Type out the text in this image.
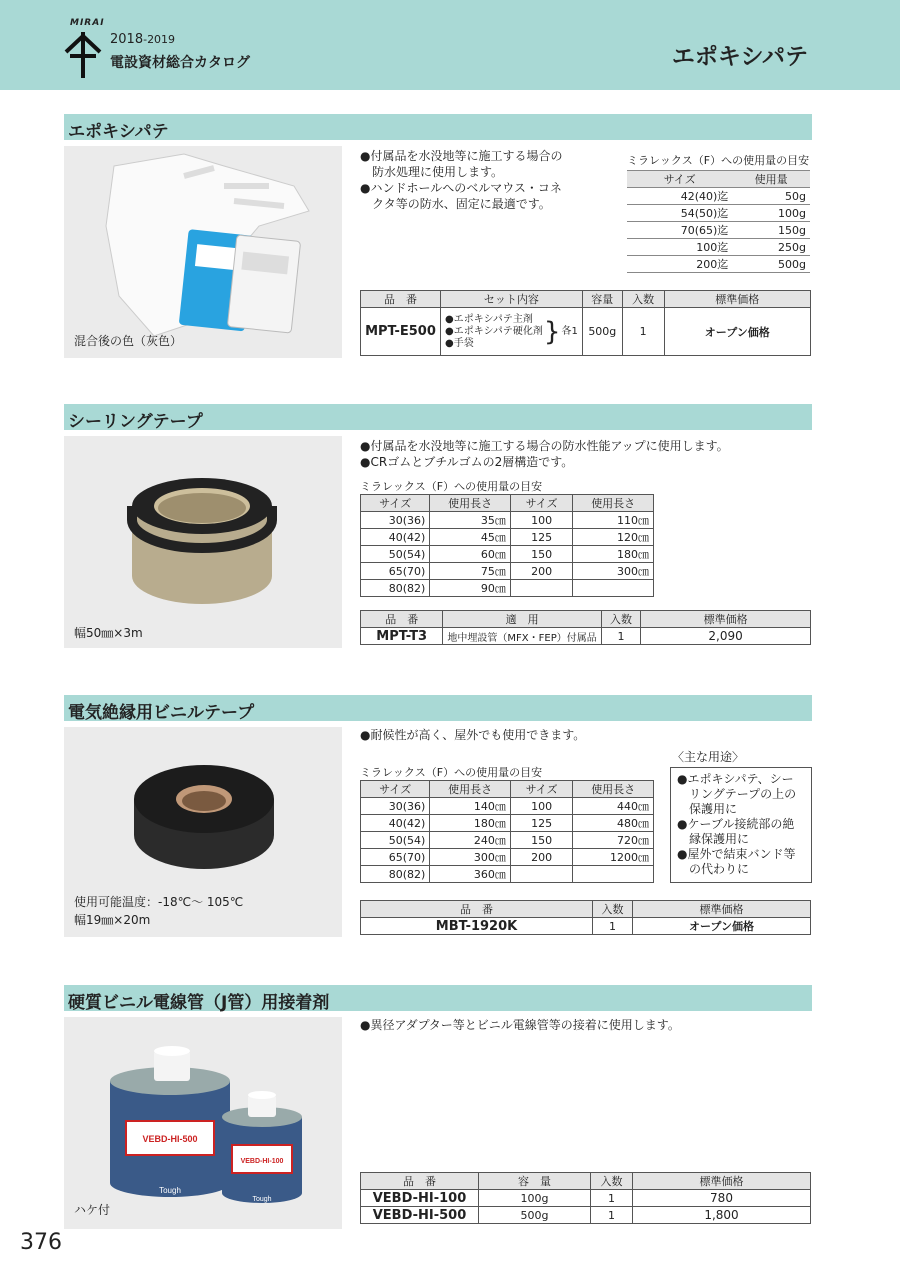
MIRAI
2018-2019
電設資材総合カタログ	エポキシパテ
エポキシパテ
混合後の色（灰色）
●付属品を水没地等に施工する場合の
　防水処理に使用します。
●ハンドホールへのベルマウス・コネ
　クタ等の防水、固定に最適です。
ミラレックス（F）への使用量の目安
サイズ	使用量
42(40)迄	50g
54(50)迄	100g
70(65)迄	150g
100迄	250g
200迄	500g
品　番	セット内容	容量	入数	標準価格
MPT-E500	●エポキシパテ主剤
●エポキシパテ硬化剤
●手袋 } 各1	500g	1	オープン価格
シーリングテープ
幅50㎜×3m
●付属品を水没地等に施工する場合の防水性能アップに使用します。
●CRゴムとブチルゴムの2層構造です。
ミラレックス（F）への使用量の目安
サイズ	使用長さ	サイズ	使用長さ
30(36)	35㎝	100	110㎝
40(42)	45㎝	125	120㎝
50(54)	60㎝	150	180㎝
65(70)	75㎝	200	300㎝
80(82)	90㎝		
品　番	適　用	入数	標準価格
MPT-T3	地中埋設管（MFX・FEP）付属品	1	2,090
電気絶縁用ビニルテープ
使用可能温度：-18℃～ 105℃
幅19㎜×20m
●耐候性が高く、屋外でも使用できます。
ミラレックス（F）への使用量の目安
サイズ	使用長さ	サイズ	使用長さ
30(36)	140㎝	100	440㎝
40(42)	180㎝	125	480㎝
50(54)	240㎝	150	720㎝
65(70)	300㎝	200	1200㎝
80(82)	360㎝		
〈主な用途〉
●エポキシパテ、シー
　リングテープの上の
　保護用に
●ケーブル接続部の絶
　縁保護用に
●屋外で結束バンド等
　の代わりに
品　番	入数	標準価格
MBT-1920K	1	オープン価格
硬質ビニル電線管（J管）用接着剤
VEBD-HI-500
Tough
VEBD-HI-100
Tough
ハケ付
●異径アダプター等とビニル電線管等の接着に使用します。
品　番	容　量	入数	標準価格
VEBD-HI-100	100g	1	780
VEBD-HI-500	500g	1	1,800
376
